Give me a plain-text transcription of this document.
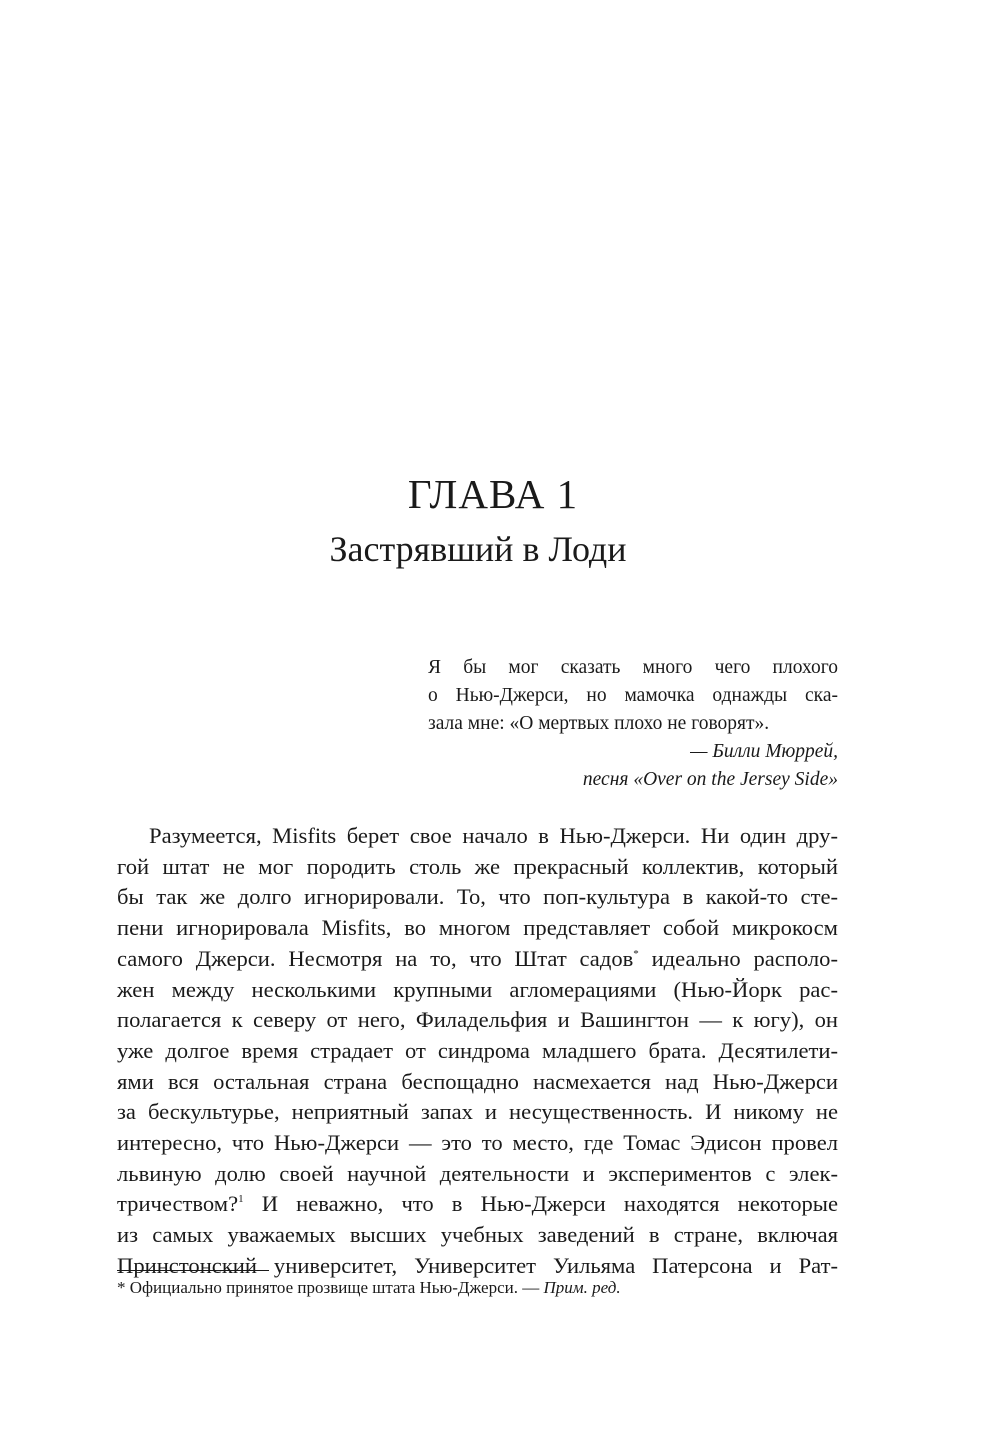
ГЛАВА 1
Застрявший в Лоди
Я бы мог сказать много чего плохого
о Нью-Джерси, но мамочка однажды ска-
зала мне: «О мертвых плохо не говорят».
— Билли Мюррей,
песня «Over on the Jersey Side»
Разумеется, Misfits берет свое начало в Нью-Джерси. Ни один дру-
гой штат не мог породить столь же прекрасный коллектив, который
бы так же долго игнорировали. То, что поп-культура в какой-то сте-
пени игнорировала Misfits, во многом представляет собой микрокосм
самого Джерси. Несмотря на то, что Штат садов* идеально располо-
жен между несколькими крупными агломерациями (Нью-Йорк рас-
полагается к северу от него, Филадельфия и Вашингтон — к югу), он
уже долгое время страдает от синдрома младшего брата. Десятилети-
ями вся остальная страна беспощадно насмехается над Нью-Джерси
за бескультурье, неприятный запах и несущественность. И никому не
интересно, что Нью-Джерси — это то место, где Томас Эдисон провел
львиную долю своей научной деятельности и экспериментов с элек-
тричеством?$^1$ И неважно, что в Нью-Джерси находятся некоторые
из самых уважаемых высших учебных заведений в стране, включая
Принстонский университет, Университет Уильяма Патерсона и Рат-
* Официально принятое прозвище штата Нью-Джерси. — Прим. ред.
